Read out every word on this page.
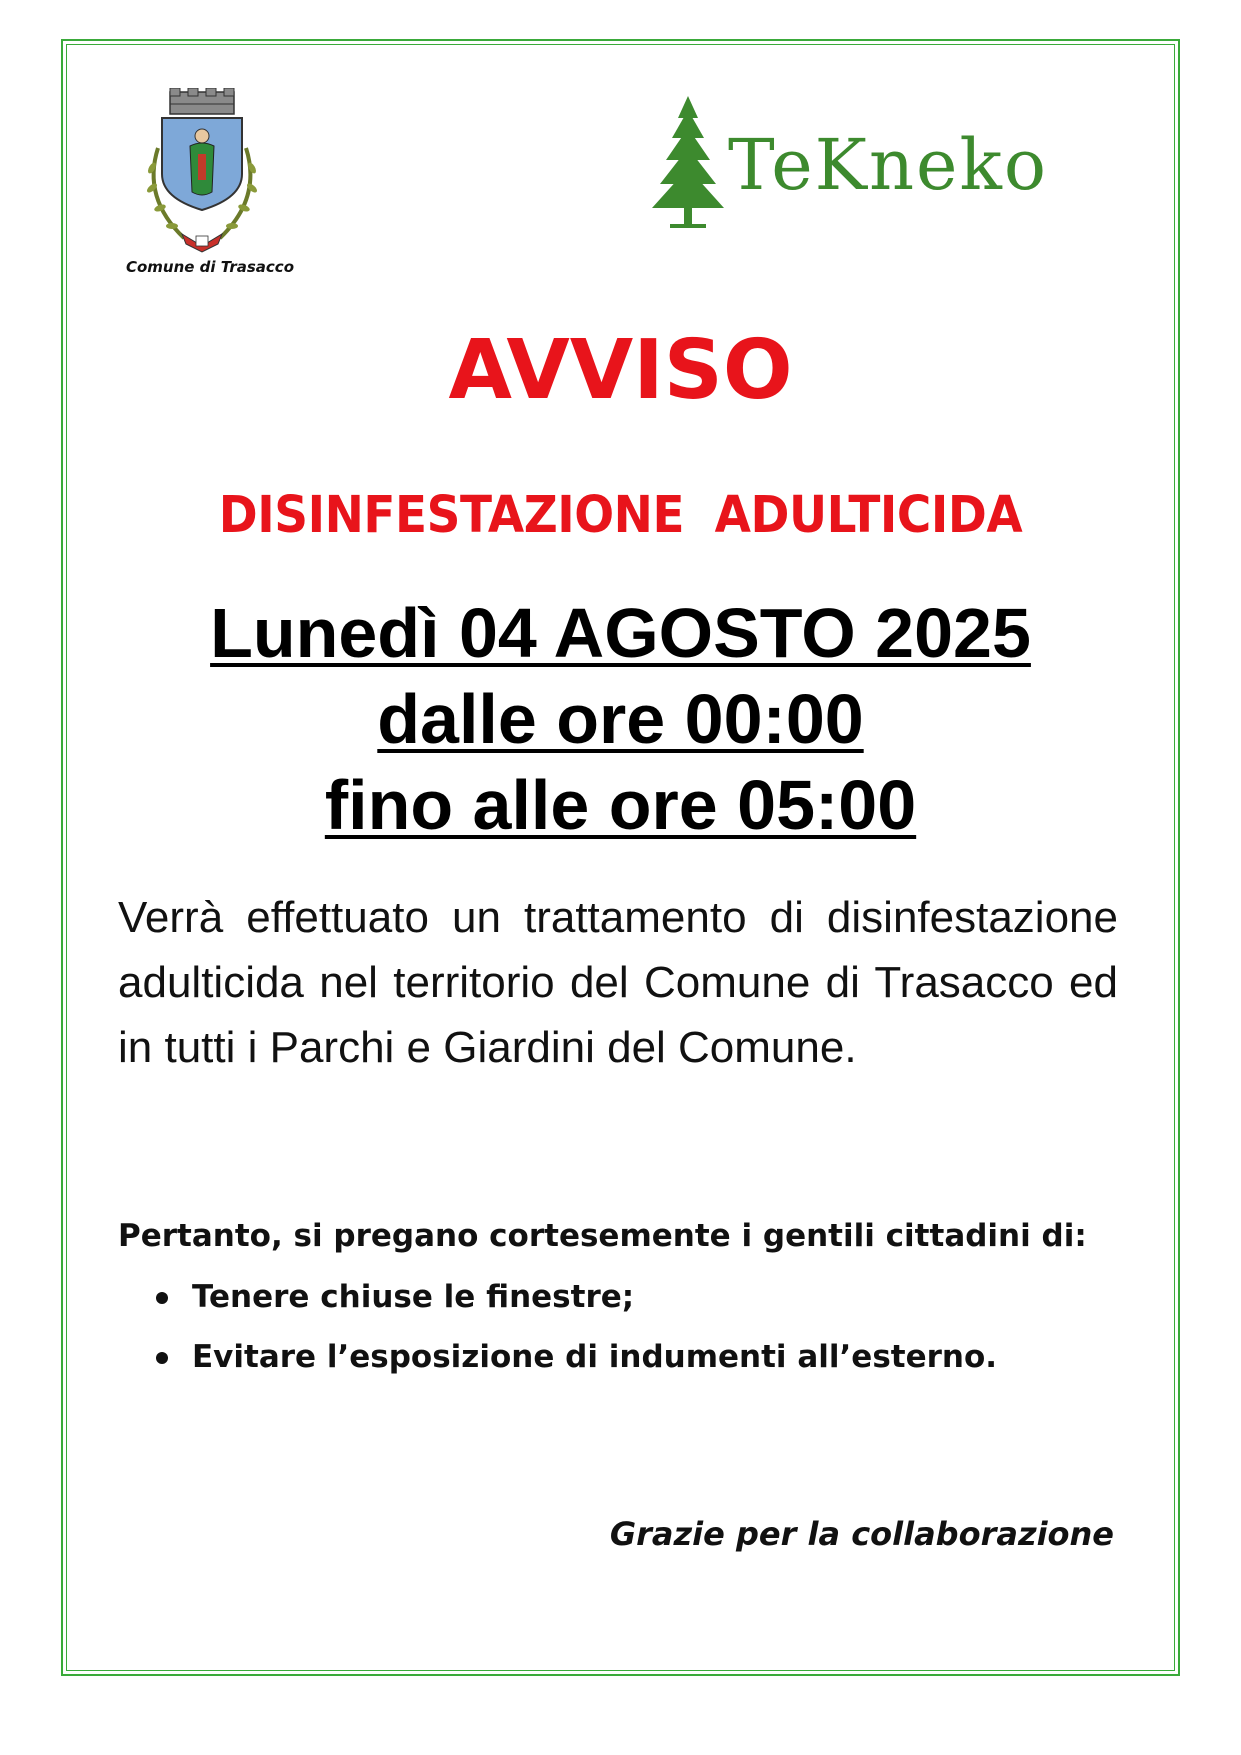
Comune di Trasacco
TeKneko
AVVISO
DISINFESTAZIONE ADULTICIDA
Lunedì 04 AGOSTO 2025
dalle ore 00:00
fino alle ore 05:00
Verrà effettuato un trattamento di disinfestazione adulticida nel territorio del Comune di Trasacco ed in tutti i Parchi e Giardini del Comune.
Pertanto, si pregano cortesemente i gentili cittadini di:
Tenere chiuse le finestre;
Evitare l’esposizione di indumenti all’esterno.
Grazie per la collaborazione
